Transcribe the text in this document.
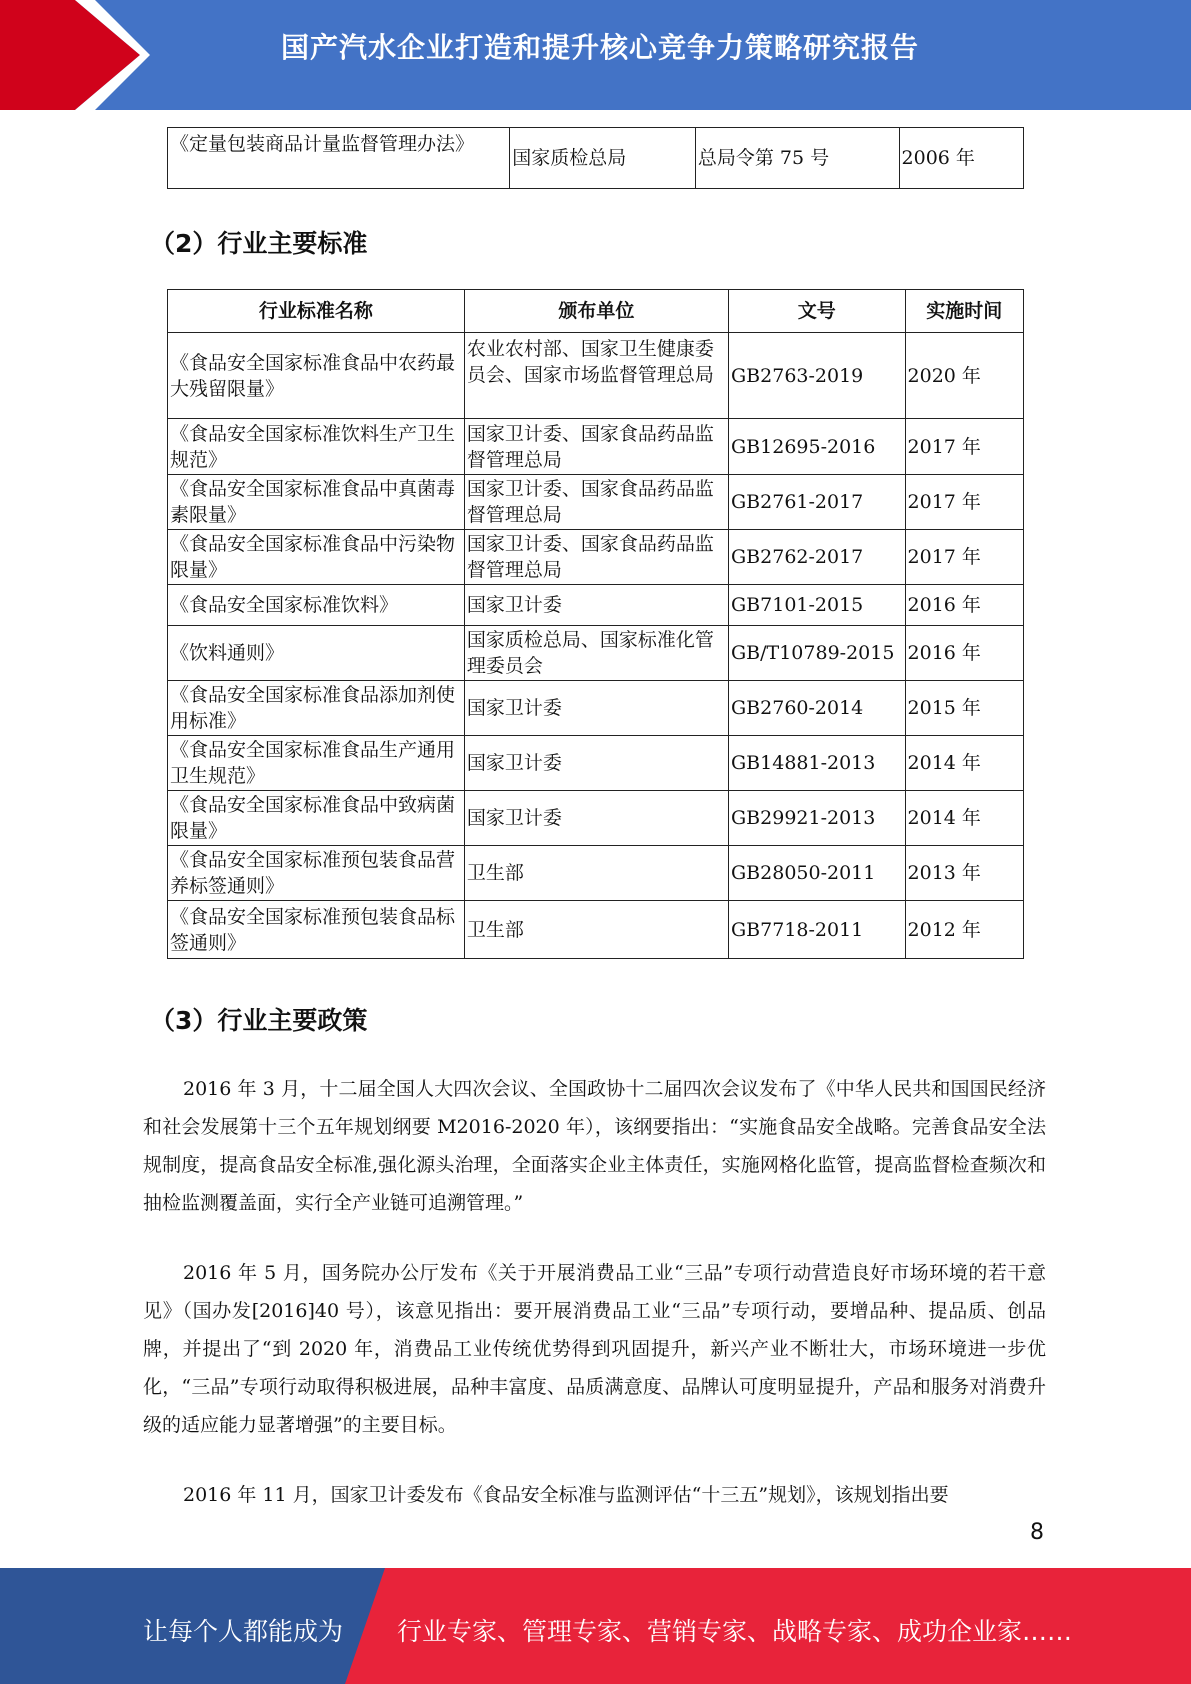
国产汽水企业打造和提升核心竞争力策略研究报告
《定量包装商品计量监督管理办法》	国家质检总局	总局令第 75 号	2006 年
（2）行业主要标准
行业标准名称	颁布单位	文号	实施时间
《食品安全国家标准食品中农药最大残留限量》	农业农村部、国家卫生健康委员会、国家市场监督管理总局	GB2763-2019	2020 年
《食品安全国家标准饮料生产卫生规范》	国家卫计委、国家食品药品监督管理总局	GB12695-2016	2017 年
《食品安全国家标准食品中真菌毒素限量》	国家卫计委、国家食品药品监督管理总局	GB2761-2017	2017 年
《食品安全国家标准食品中污染物限量》	国家卫计委、国家食品药品监督管理总局	GB2762-2017	2017 年
《食品安全国家标准饮料》	国家卫计委	GB7101-2015	2016 年
《饮料通则》	国家质检总局、国家标准化管理委员会	GB/T10789-2015	2016 年
《食品安全国家标准食品添加剂使用标准》	国家卫计委	GB2760-2014	2015 年
《食品安全国家标准食品生产通用卫生规范》	国家卫计委	GB14881-2013	2014 年
《食品安全国家标准食品中致病菌限量》	国家卫计委	GB29921-2013	2014 年
《食品安全国家标准预包装食品营养标签通则》	卫生部	GB28050-2011	2013 年
《食品安全国家标准预包装食品标签通则》	卫生部	GB7718-2011	2012 年
（3）行业主要政策

2016 年 3 月，十二届全国人大四次会议、全国政协十二届四次会议发布了《中华人民共和国国民经济和社会发展第十三个五年规划纲要 M2016-2020 年），该纲要指出：“实施食品安全战略。完善食品安全法规制度，提高食品安全标准,强化源头治理，全面落实企业主体责任，实施网格化监管，提高监督检查频次和抽检监测覆盖面，实行全产业链可追溯管理。”

2016 年 5 月，国务院办公厅发布《关于开展消费品工业“三品”专项行动营造良好市场环境的若干意见》（国办发[2016]40 号），该意见指出：要开展消费品工业“三品”专项行动，要增品种、提品质、创品牌，并提出了“到 2020 年，消费品工业传统优势得到巩固提升，新兴产业不断壮大，市场环境进一步优化，“三品”专项行动取得积极进展，品种丰富度、品质满意度、品牌认可度明显提升，产品和服务对消费升级的适应能力显著增强”的主要目标。

2016 年 11 月，国家卫计委发布《食品安全标准与监测评估“十三五”规划》，该规划指出要

8
让每个人都能成为 行业专家、管理专家、营销专家、战略专家、成功企业家……
